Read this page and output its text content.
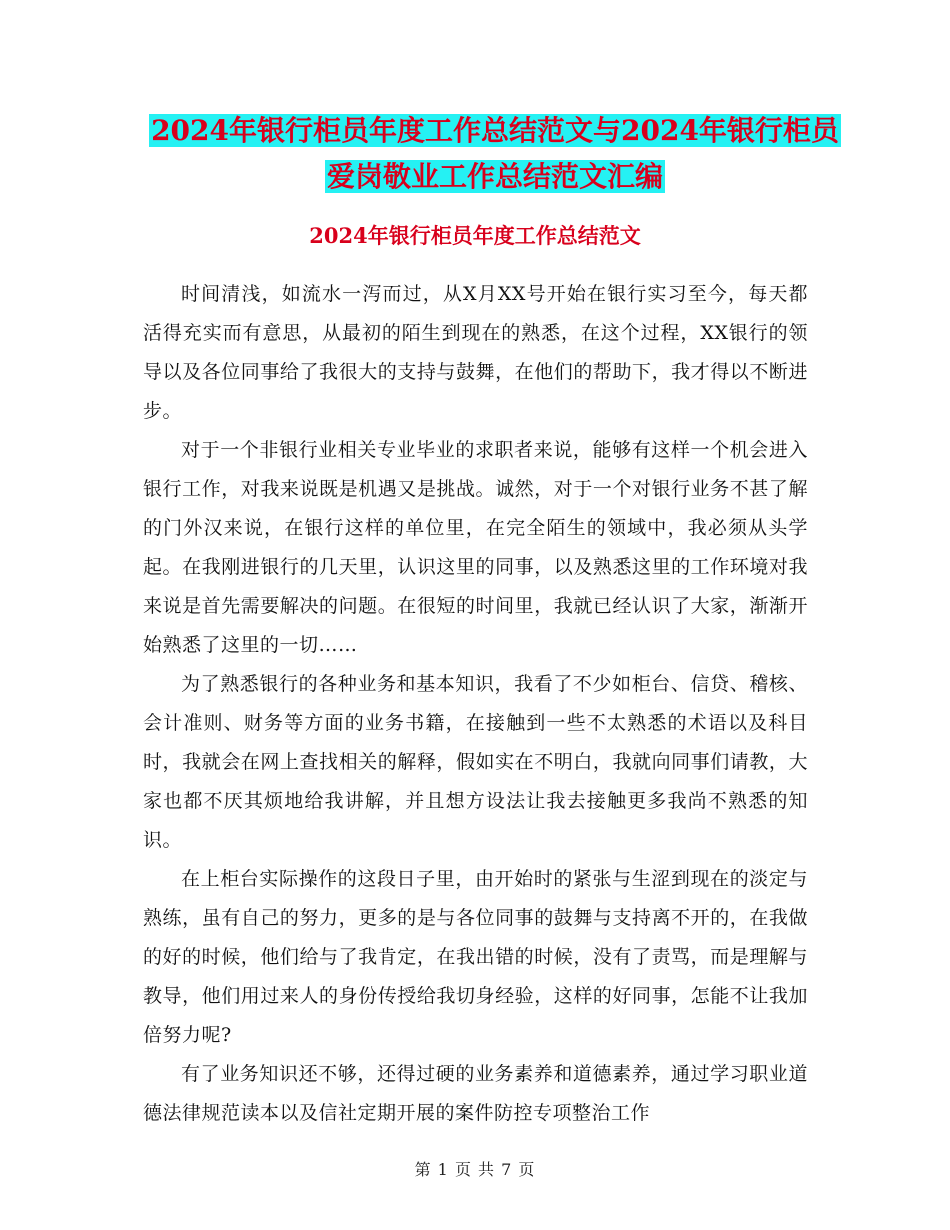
2024年银行柜员年度工作总结范文与2024年银行柜员
爱岗敬业工作总结范文汇编
2024年银行柜员年度工作总结范文

时间清浅，如流水一泻而过，从X月XX号开始在银行实习至今，每天都活得充实而有意思，从最初的陌生到现在的熟悉，在这个过程，XX银行的领导以及各位同事给了我很大的支持与鼓舞，在他们的帮助下，我才得以不断进步。

对于一个非银行业相关专业毕业的求职者来说，能够有这样一个机会进入银行工作，对我来说既是机遇又是挑战。诚然，对于一个对银行业务不甚了解的门外汉来说，在银行这样的单位里，在完全陌生的领域中，我必须从头学起。在我刚进银行的几天里，认识这里的同事，以及熟悉这里的工作环境对我来说是首先需要解决的问题。在很短的时间里，我就已经认识了大家，渐渐开始熟悉了这里的一切……

为了熟悉银行的各种业务和基本知识，我看了不少如柜台、信贷、稽核、会计准则、财务等方面的业务书籍，在接触到一些不太熟悉的术语以及科目时，我就会在网上查找相关的解释，假如实在不明白，我就向同事们请教，大家也都不厌其烦地给我讲解，并且想方设法让我去接触更多我尚不熟悉的知识。

在上柜台实际操作的这段日子里，由开始时的紧张与生涩到现在的淡定与熟练，虽有自己的努力，更多的是与各位同事的鼓舞与支持离不开的，在我做的好的时候，他们给与了我肯定，在我出错的时候，没有了责骂，而是理解与教导，他们用过来人的身份传授给我切身经验，这样的好同事，怎能不让我加倍努力呢?

有了业务知识还不够，还得过硬的业务素养和道德素养，通过学习职业道德法律规范读本以及信社定期开展的案件防控专项整治工作

第 1 页 共 7 页
